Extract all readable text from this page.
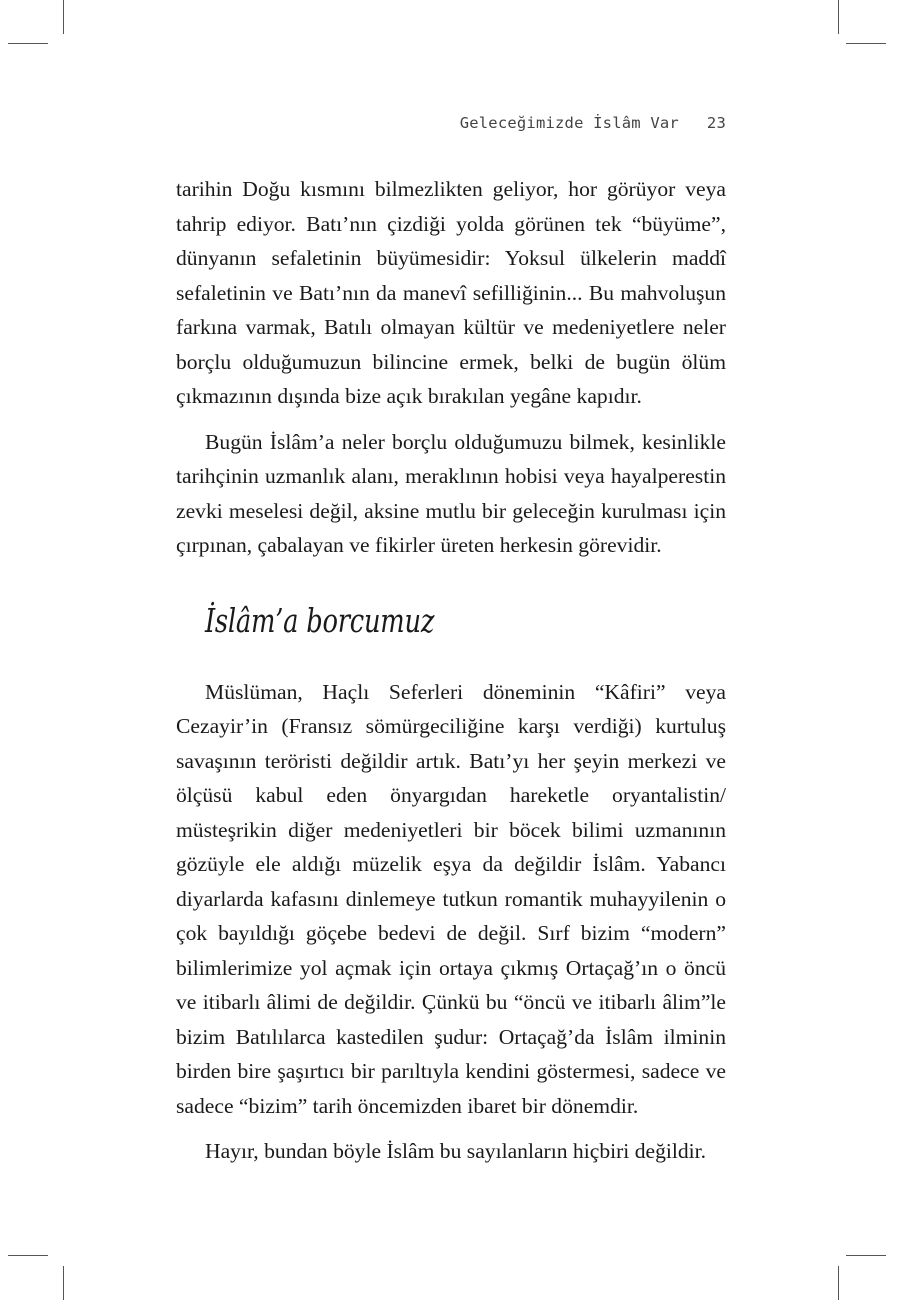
Geleceğimizde İslâm Var 23

tarihin Doğu kısmını bilmezlikten geliyor, hor görüyor veya tahrip ediyor. Batı’nın çizdiği yolda görünen tek “büyüme”, dünyanın sefaletinin büyümesidir: Yoksul ülkelerin maddî sefaletinin ve Batı’nın da manevî sefilliğinin... Bu mahvoluşun farkına varmak, Batılı olmayan kültür ve medeniyetlere neler borçlu olduğumuzun bilincine ermek, belki de bugün ölüm çıkmazının dışında bize açık bırakılan yegâne kapıdır.

Bugün İslâm’a neler borçlu olduğumuzu bilmek, kesinlikle tarihçinin uzmanlık alanı, meraklının hobisi veya hayalperestin zevki meselesi değil, aksine mutlu bir geleceğin kurulması için çırpınan, çabalayan ve fikirler üreten herkesin görevidir.

İslâm’a borcumuz

Müslüman, Haçlı Seferleri döneminin “Kâfiri” veya Cezayir’in (Fransız sömürgeciliğine karşı verdiği) kurtuluş savaşının teröristi değildir artık. Batı’yı her şeyin merkezi ve ölçüsü kabul eden önyargıdan hareketle oryantalistin/​müsteşrikin diğer medeniyetleri bir böcek bilimi uzmanının gözüyle ele aldığı müzelik eşya da değildir İslâm. Yabancı diyarlarda kafasını dinlemeye tutkun romantik muhayyilenin o çok bayıldığı göçebe bedevi de değil. Sırf bizim “modern” bilimlerimize yol açmak için ortaya çıkmış Ortaçağ’ın o öncü ve itibarlı âlimi de değildir. Çünkü bu “öncü ve itibarlı âlim”le bizim Batılılarca kastedilen şudur: Ortaçağ’da İslâm ilminin birden bire şaşırtıcı bir parıltıyla kendini göstermesi, sadece ve sadece “bizim” tarih öncemizden ibaret bir dönemdir.

Hayır, bundan böyle İslâm bu sayılanların hiçbiri değildir.
